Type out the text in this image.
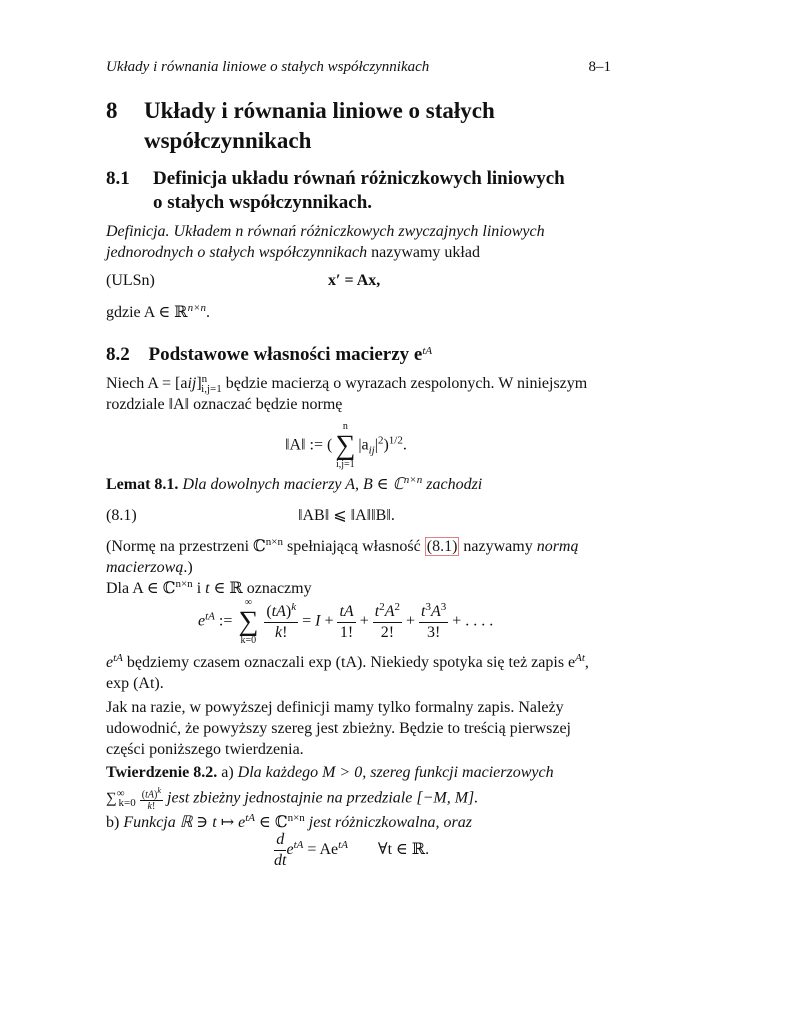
Układy i równania liniowe o stałych współczynnikach	8–1
8 Układy i równania liniowe o stałych
współczynnikach
8.1 Definicja układu równań różniczkowych liniowych
o stałych współczynnikach.
Definicja. Układem n równań różniczkowych zwyczajnych liniowych
jednorodnych o stałych współczynnikach nazywamy układ
(ULSn)	x′ = Ax,
gdzie A ∈ ℝ$^{n\times n}$.
8.2 Podstawowe własności macierzy $e^{tA}$
Niech A = [aij]$^n_{i,j=1}$ będzie macierzą o wyrazach zespolonych. W niniejszym
rozdziale ‖A‖ oznaczać będzie normę
‖A‖ := (
n
∑
i,j=1
$|a_{ij}|^2)^{1/2}$.
Lemat 8.1. Dla dowolnych macierzy A, B ∈ ℂ$^{n\times n}$ zachodzi
(8.1)	‖AB‖ ⩽ ‖A‖‖B‖.
(Normę na przestrzeni ℂ$^{n\times n}$ spełniającą własność (8.1) nazywamy normą
macierzową.)
Dla A ∈ ℂ$^{n\times n}$ i t ∈ ℝ oznaczmy
$e^{tA}$ :=
∞
∑
k=0
$\frac{(tA)^k}{k!} = I + \frac{tA}{1!} + \frac{t^2A^2}{2!} + \frac{t^3A^3}{3!}$ + . . . .
$e^{tA}$ będziemy czasem oznaczali exp (tA). Niekiedy spotyka się też zapis $e^{At}$,
exp (At).
Jak na razie, w powyższej definicji mamy tylko formalny zapis. Należy
udowodnić, że powyższy szereg jest zbieżny. Będzie to treścią pierwszej
części poniższego twierdzenia.
Twierdzenie 8.2. a) Dla każdego M > 0, szereg funkcji macierzowych
$\sum^\infty_{k=0} \frac{(tA)^k}{k!}$ jest zbieżny jednostajnie na przedziale [−M, M].
b) Funkcja ℝ ∋ t ↦ $e^{tA}$ ∈ ℂ$^{n\times n}$ jest różniczkowalna, oraz
$\frac{d}{dt} e^{tA} = Ae^{tA}$ ∀t ∈ ℝ.
